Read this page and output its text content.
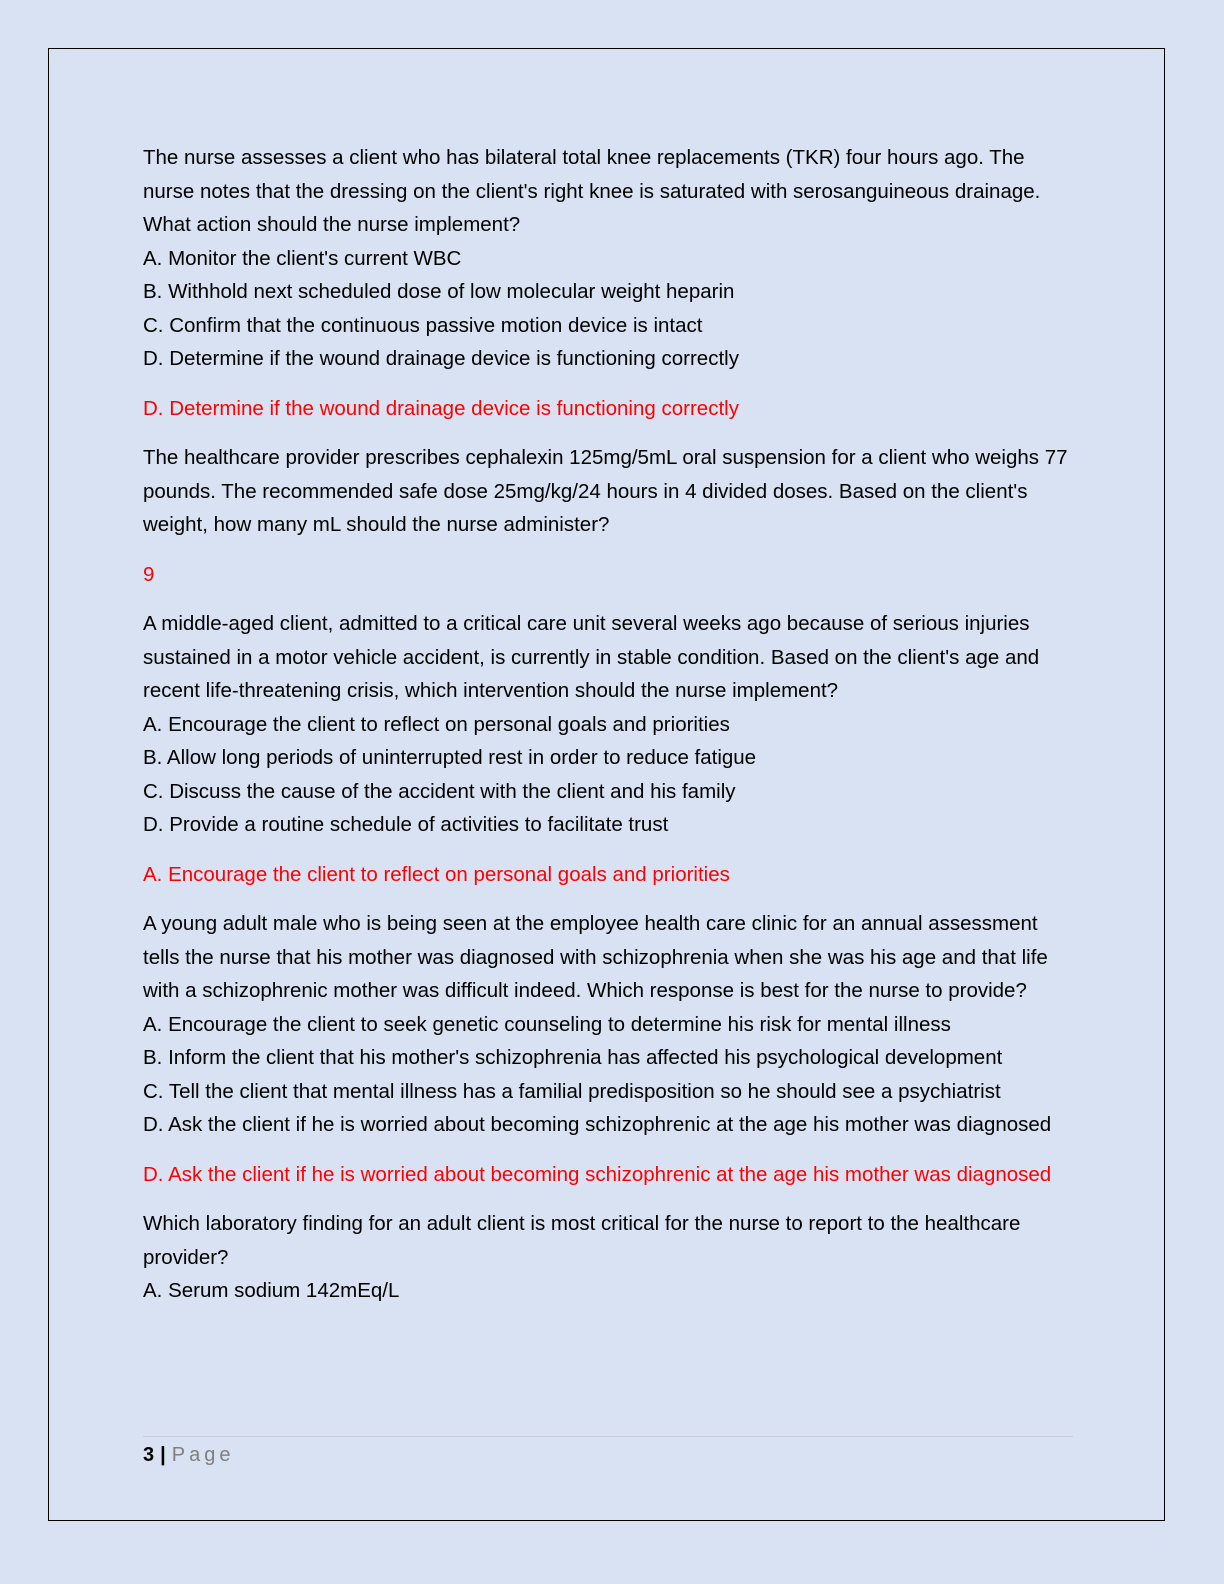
The nurse assesses a client who has bilateral total knee replacements (TKR) four hours ago. The nurse notes that the dressing on the client's right knee is saturated with serosanguineous drainage. What action should the nurse implement?

A. Monitor the client's current WBC

B. Withhold next scheduled dose of low molecular weight heparin

C. Confirm that the continuous passive motion device is intact

D. Determine if the wound drainage device is functioning correctly

D. Determine if the wound drainage device is functioning correctly

The healthcare provider prescribes cephalexin 125mg/5mL oral suspension for a client who weighs 77 pounds. The recommended safe dose 25mg/kg/24 hours in 4 divided doses. Based on the client's weight, how many mL should the nurse administer?

9

A middle-aged client, admitted to a critical care unit several weeks ago because of serious injuries sustained in a motor vehicle accident, is currently in stable condition. Based on the client's age and recent life-threatening crisis, which intervention should the nurse implement?

A. Encourage the client to reflect on personal goals and priorities

B. Allow long periods of uninterrupted rest in order to reduce fatigue

C. Discuss the cause of the accident with the client and his family

D. Provide a routine schedule of activities to facilitate trust

A. Encourage the client to reflect on personal goals and priorities

A young adult male who is being seen at the employee health care clinic for an annual assessment tells the nurse that his mother was diagnosed with schizophrenia when she was his age and that life with a schizophrenic mother was difficult indeed. Which response is best for the nurse to provide?

A. Encourage the client to seek genetic counseling to determine his risk for mental illness

B. Inform the client that his mother's schizophrenia has affected his psychological development

C. Tell the client that mental illness has a familial predisposition so he should see a psychiatrist

D. Ask the client if he is worried about becoming schizophrenic at the age his mother was diagnosed

D. Ask the client if he is worried about becoming schizophrenic at the age his mother was diagnosed

Which laboratory finding for an adult client is most critical for the nurse to report to the healthcare provider?

A. Serum sodium 142mEq/L

3 | Page
